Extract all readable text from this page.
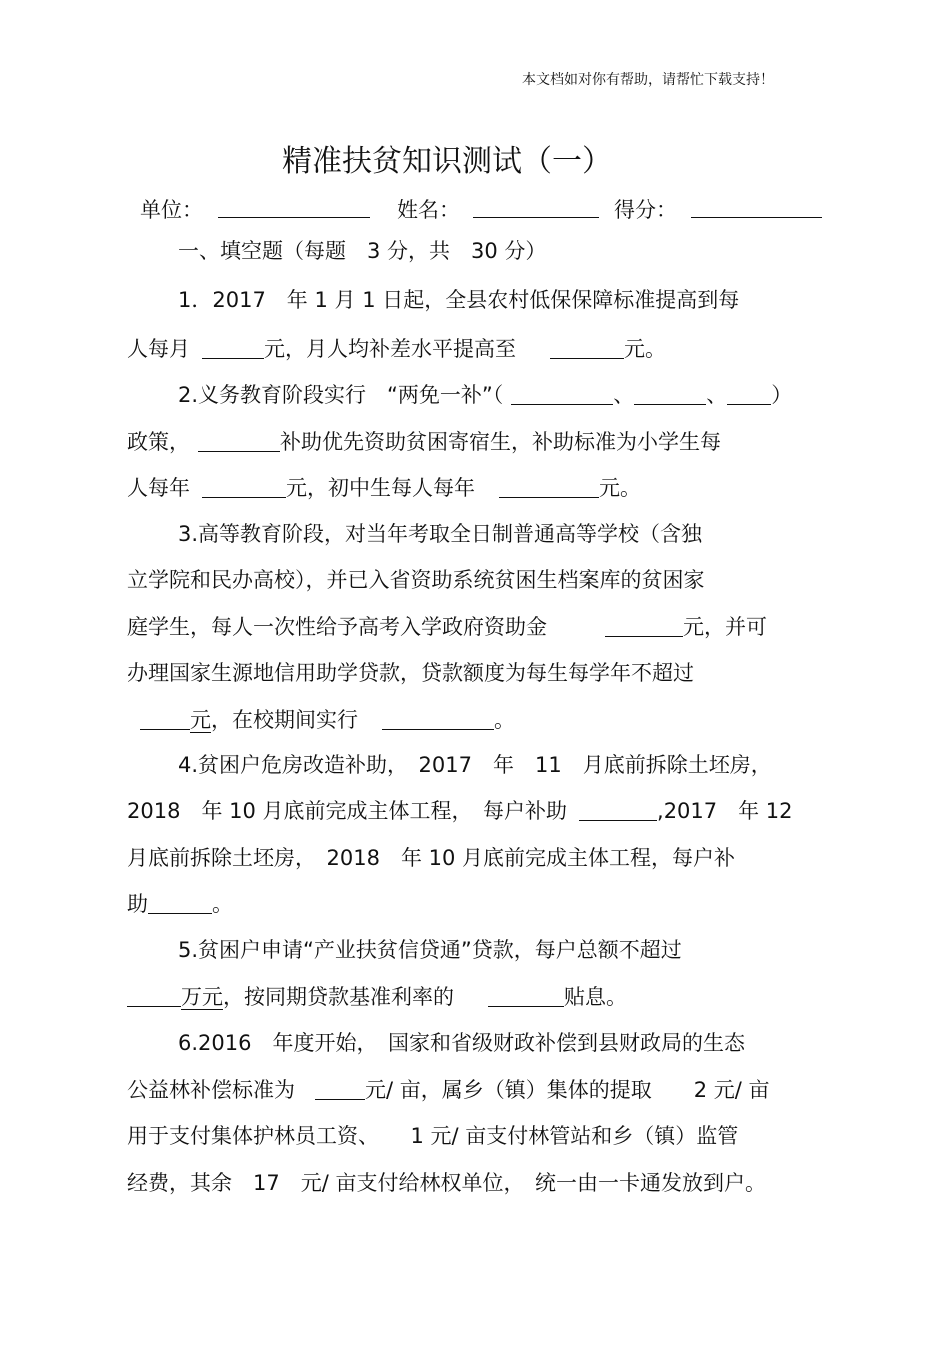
本文档如对你有帮助，请帮忙下载支持！
精准扶贫知识测试（一）
单位：	姓名：	得分：
一、填空题（每题　3 分，共　30 分）
1．2017　年 1 月 1 日起，全县农村低保保障标准提高到每
人每月	元，月人均补差水平提高至	元。
2.义务教育阶段实行　“两免一补”（	、	、 ）
政策，	补助优先资助贫困寄宿生，补助标准为小学生每
人每年	元，初中生每人每年	元。
3.高等教育阶段，对当年考取全日制普通高等学校（含独
立学院和民办高校），并已入省资助系统贫困生档案库的贫困家
庭学生，每人一次性给予高考入学政府资助金	元，并可
办理国家生源地信用助学贷款，贷款额度为每生每学年不超过
元，在校期间实行	。
4.贫困户危房改造补助，　2017　年　11　月底前拆除土坯房，
2018　年 10 月底前完成主体工程，　每户补助	,2017　年 12
月底前拆除土坯房，　2018　年 10 月底前完成主体工程，每户补
助	。
5.贫困户申请“产业扶贫信贷通”贷款，每户总额不超过
万元，按同期贷款基准利率的	贴息。
6.2016　年度开始，　国家和省级财政补偿到县财政局的生态
公益林补偿标准为	元/ 亩，属乡（镇）集体的提取　　2 元/ 亩
用于支付集体护林员工资、　　1 元/ 亩支付林管站和乡（镇）监管
经费，其余　17　元/ 亩支付给林权单位，　统一由一卡通发放到户。
